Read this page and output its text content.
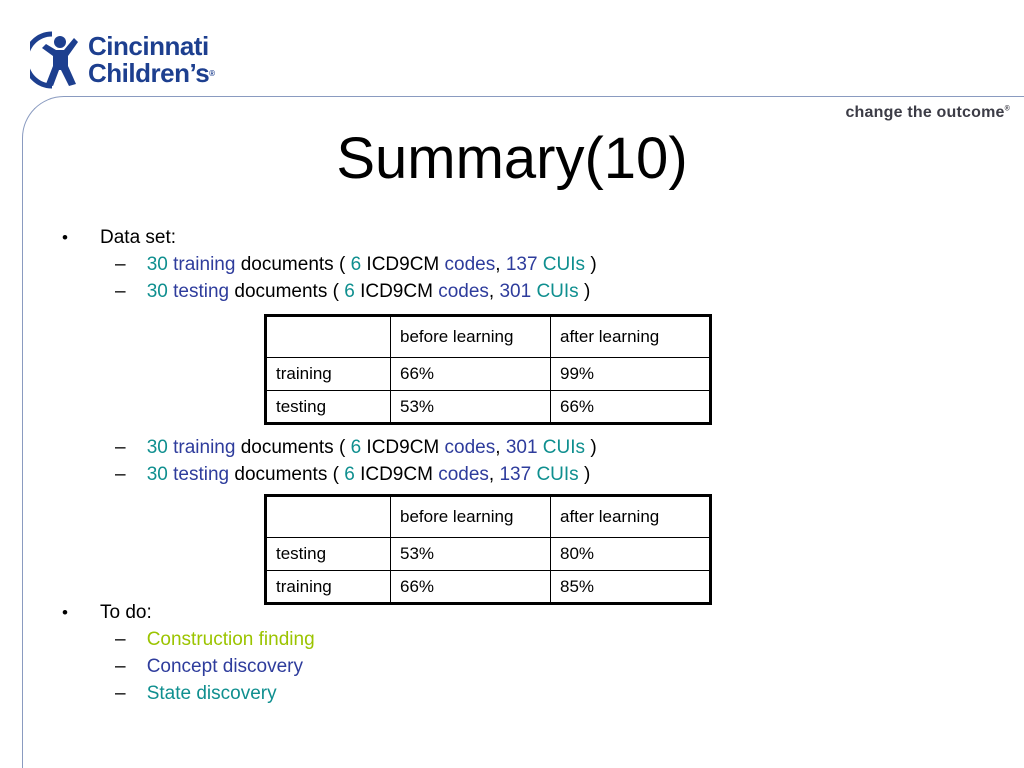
Cincinnati
Children’s®
change the outcome®
Summary(10)
• Data set:
– 30 training documents ( 6 ICD9CM codes, 137 CUIs )
– 30 testing documents ( 6 ICD9CM codes, 301 CUIs )
	before learning	after learning
training	66%	99%
testing	53%	66%
– 30 training documents ( 6 ICD9CM codes, 301 CUIs )
– 30 testing documents ( 6 ICD9CM codes, 137 CUIs )
	before learning	after learning
testing	53%	80%
training	66%	85%
• To do:
– Construction finding
– Concept discovery
– State discovery
